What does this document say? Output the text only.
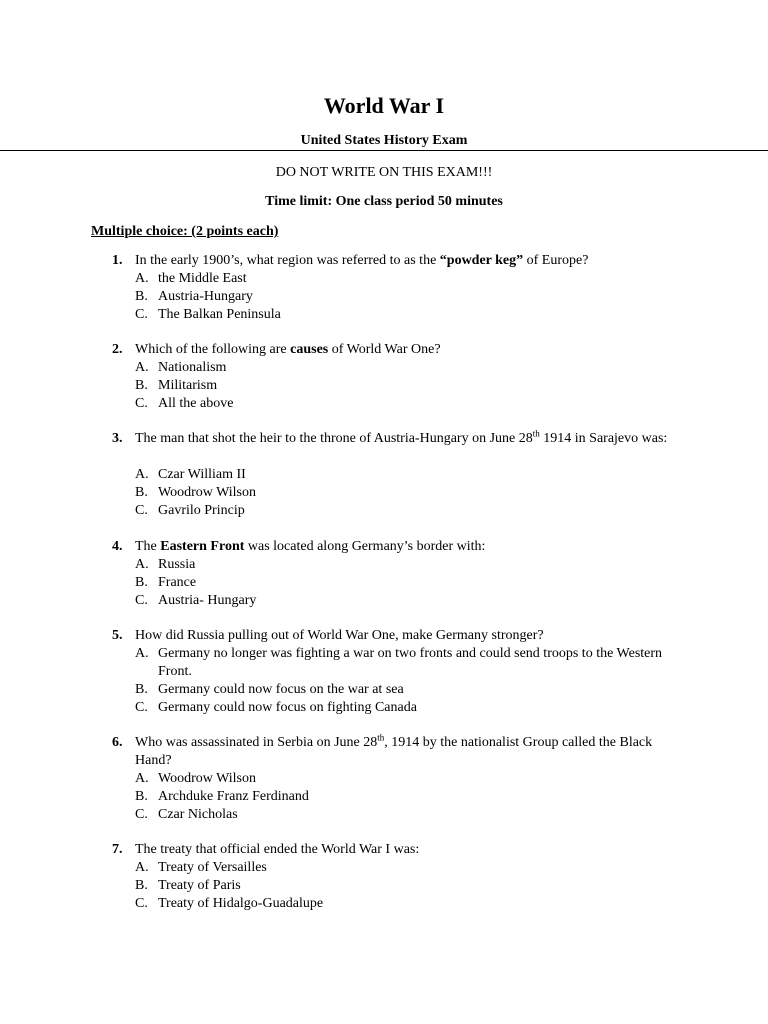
World War I
United States History Exam
DO NOT WRITE ON THIS EXAM!!!
Time limit: One class period 50 minutes
Multiple choice: (2 points each)
1. In the early 1900’s, what region was referred to as the “powder keg” of Europe?
A. the Middle East
B. Austria-Hungary
C. The Balkan Peninsula
2. Which of the following are causes of World War One?
A. Nationalism
B. Militarism
C. All the above
3. The man that shot the heir to the throne of Austria-Hungary on June 28th 1914 in Sarajevo was:
A. Czar William II
B. Woodrow Wilson
C. Gavrilo Princip
4. The Eastern Front was located along Germany’s border with:
A. Russia
B. France
C. Austria- Hungary
5. How did Russia pulling out of World War One, make Germany stronger?
A. Germany no longer was fighting a war on two fronts and could send troops to the Western Front.
B. Germany could now focus on the war at sea
C. Germany could now focus on fighting Canada
6. Who was assassinated in Serbia on June 28th, 1914 by the nationalist Group called the Black Hand?
A. Woodrow Wilson
B. Archduke Franz Ferdinand
C. Czar Nicholas
7. The treaty that official ended the World War I was:
A. Treaty of Versailles
B. Treaty of Paris
C. Treaty of Hidalgo-Guadalupe
